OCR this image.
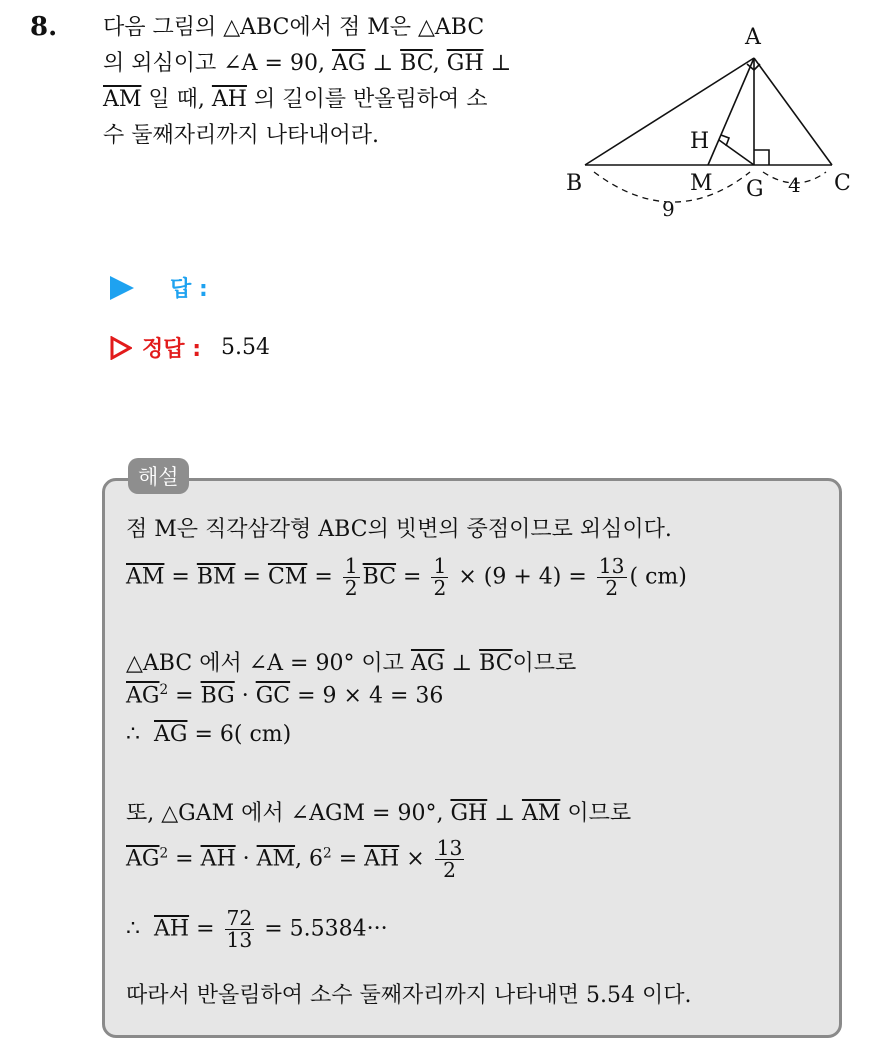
8. 다음 그림의 △ABC에서 점 M은 △ABC
의 외심이고 ∠A = 90, $\overline{AG}$ ⊥ $\overline{BC}$, $\overline{GH}$ ⊥
$\overline{AM}$ 일 때, $\overline{AH}$ 의 길이를 반올림하여 소
수 둘째자리까지 나타내어라.
A
B	C
H
M G
9
4
답 :
정답 : 5.54
해설
점 M은 직각삼각형 ABC의 빗변의 중점이므로 외심이다.
$\overline{AM} = \overline{BM} = \overline{CM} = \frac{1}{2} \overline{BC} = \frac{1}{2} \times (9 + 4) = \frac{13}{2}$ ( cm)
△ABC 에서 ∠A = 90° 이고 $\overline{AG}$ ⊥ $\overline{BC}$이므로
$\overline{AG}^2 = \overline{BG} \cdot \overline{GC} = 9 \times 4 = 36$
∴ $\overline{AG} = 6$( cm)
또, △GAM 에서 ∠AGM = 90°, $\overline{GH}$ ⊥ $\overline{AM}$ 이므로
$\overline{AG}^2 = \overline{AH} \cdot \overline{AM}$, $6^2 = \overline{AH} \times \frac{13}{2}$
∴ $\overline{AH} = \frac{72}{13} = 5.5384\cdot\cdot\cdot$
따라서 반올림하여 소수 둘째자리까지 나타내면 5.54 이다.
